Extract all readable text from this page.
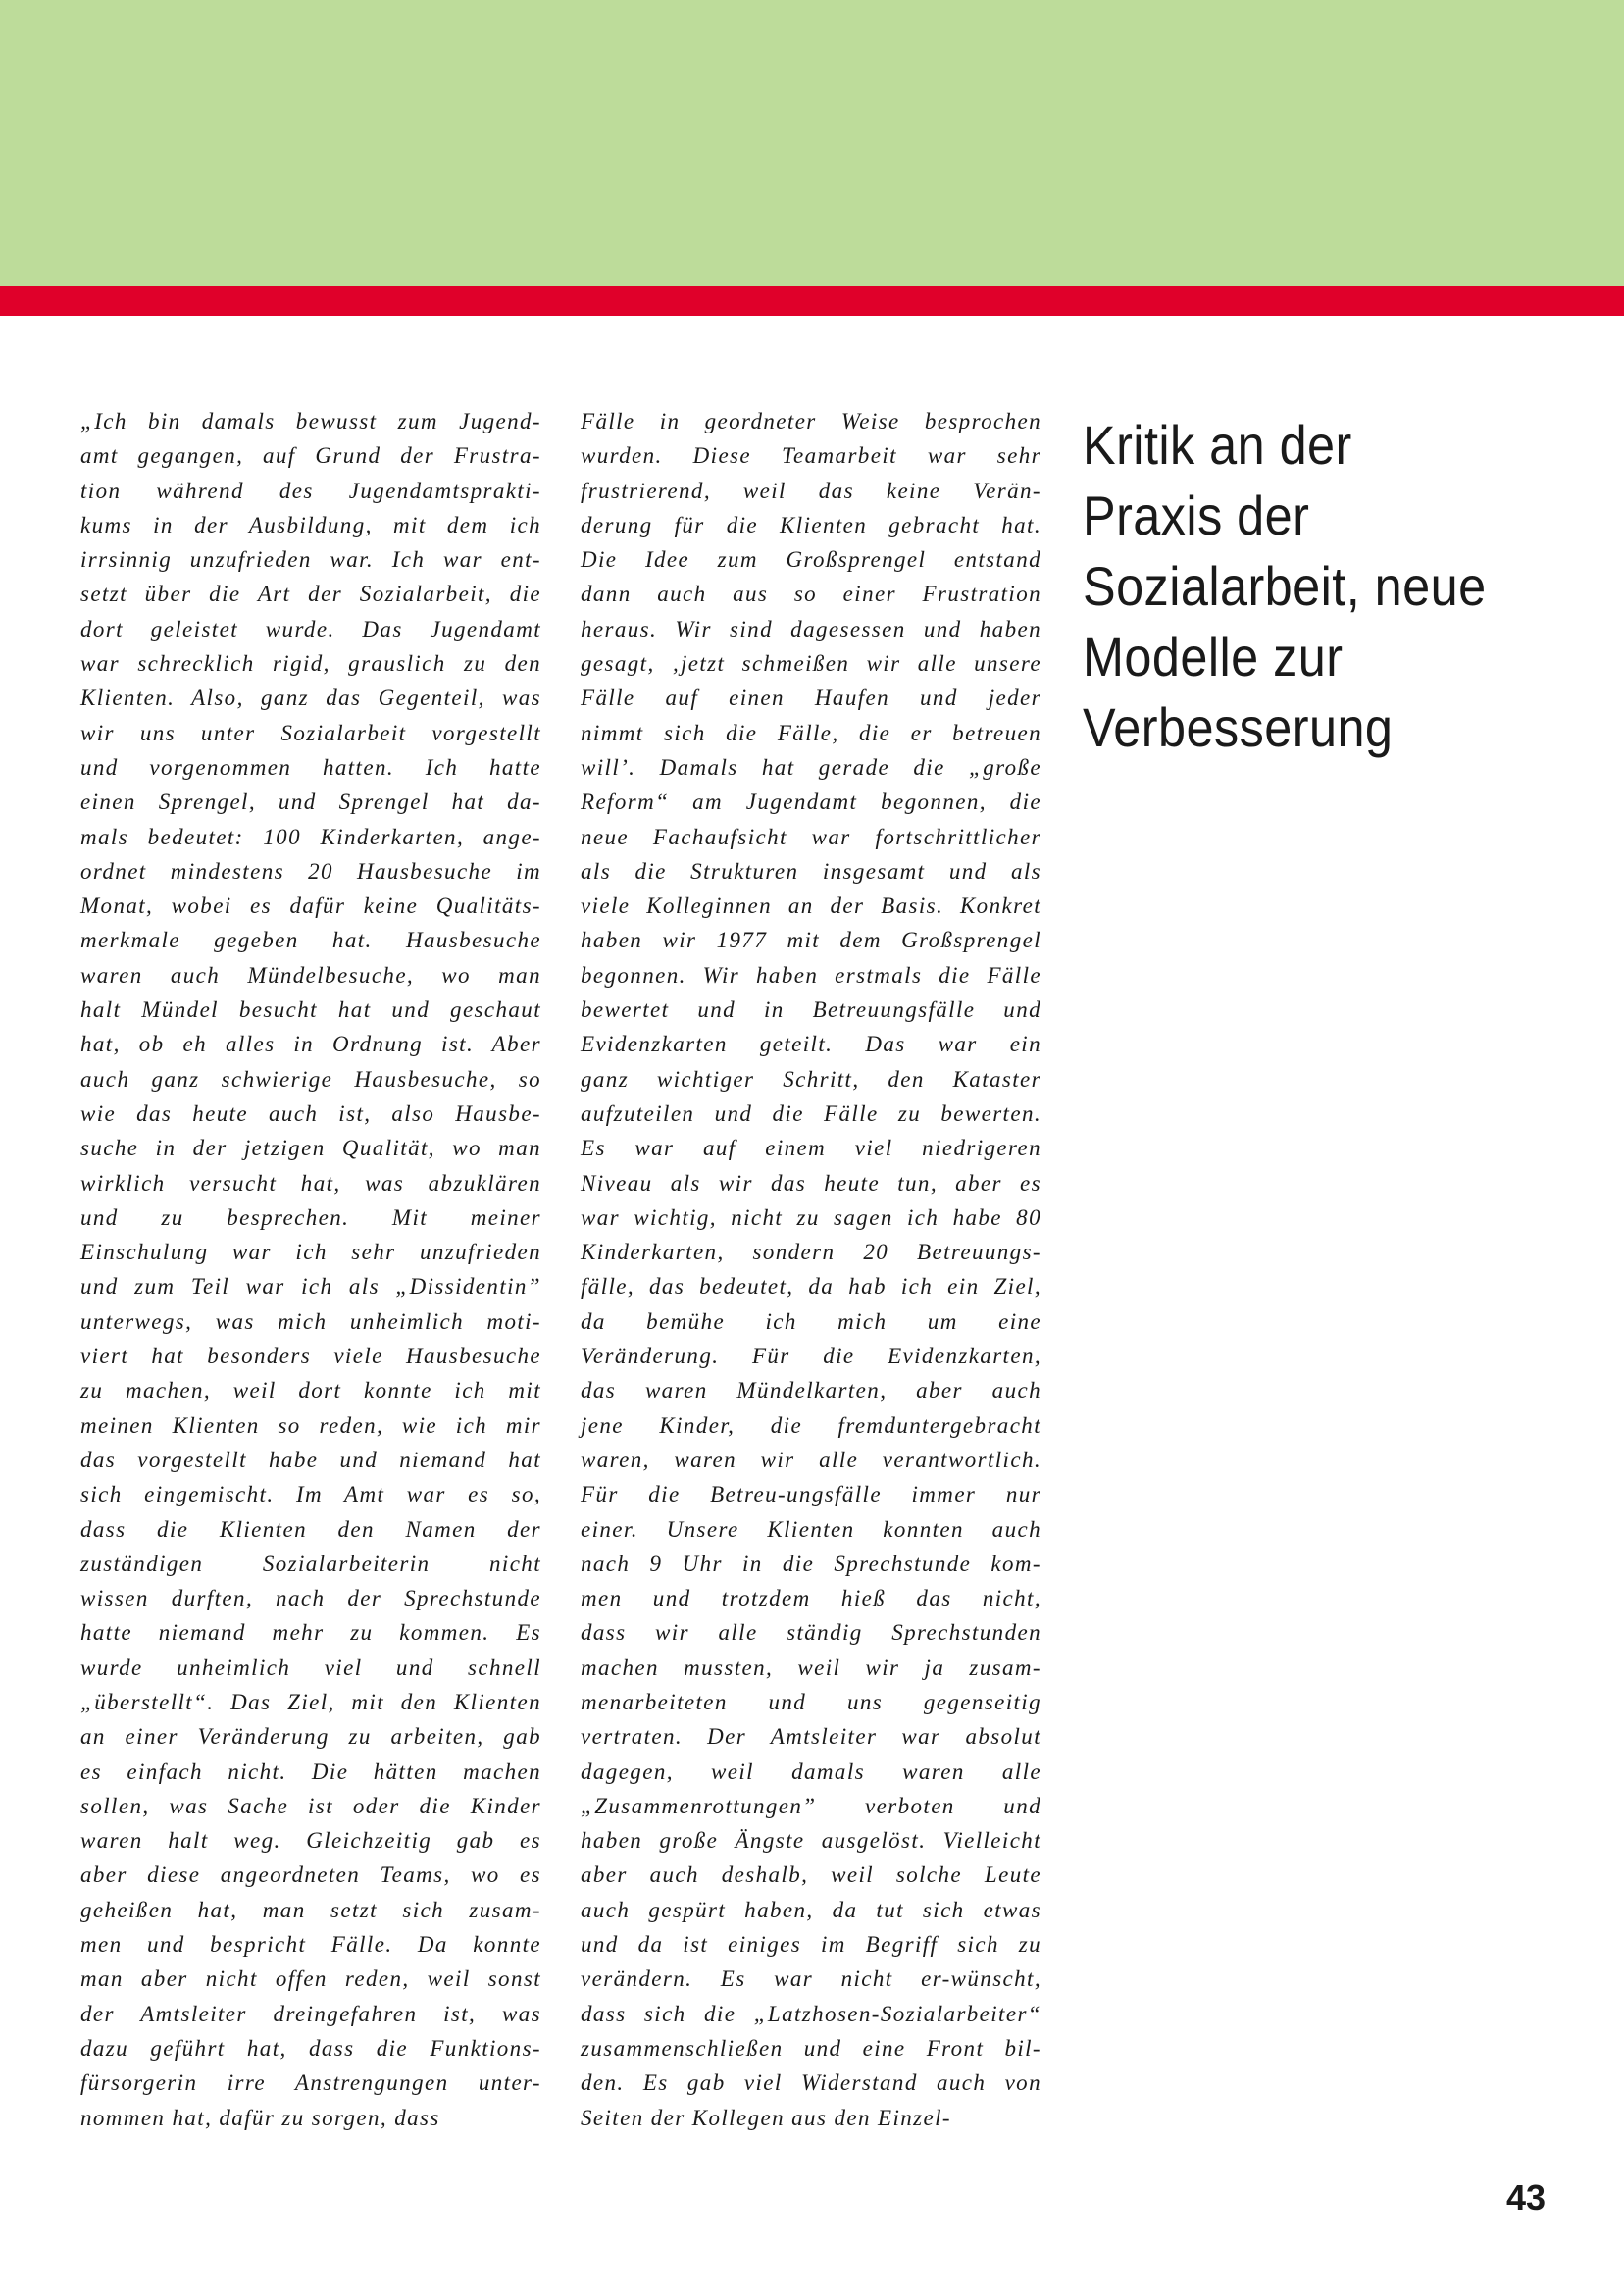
„Ich bin damals bewusst zum Jugend-
amt gegangen, auf Grund der Frustra-
tion während des Jugendamtsprakti-
kums in der Ausbildung, mit dem ich
irrsinnig unzufrieden war. Ich war ent-
setzt über die Art der Sozialarbeit, die
dort geleistet wurde. Das Jugendamt
war schrecklich rigid, grauslich zu den
Klienten. Also, ganz das Gegenteil, was
wir uns unter Sozialarbeit vorgestellt
und vorgenommen hatten. Ich hatte
einen Sprengel, und Sprengel hat da-
mals bedeutet: 100 Kinderkarten, ange-
ordnet mindestens 20 Hausbesuche im
Monat, wobei es dafür keine Qualitäts-
merkmale gegeben hat. Hausbesuche
waren auch Mündelbesuche, wo man
halt Mündel besucht hat und geschaut
hat, ob eh alles in Ordnung ist. Aber
auch ganz schwierige Hausbesuche, so
wie das heute auch ist, also Hausbe-
suche in der jetzigen Qualität, wo man
wirklich versucht hat, was abzuklären
und zu besprechen. Mit meiner
Einschulung war ich sehr unzufrieden
und zum Teil war ich als „Dissidentin”
unterwegs, was mich unheimlich moti-
viert hat besonders viele Hausbesuche
zu machen, weil dort konnte ich mit
meinen Klienten so reden, wie ich mir
das vorgestellt habe und niemand hat
sich eingemischt. Im Amt war es so,
dass die Klienten den Namen der
zuständigen Sozialarbeiterin nicht
wissen durften, nach der Sprechstunde
hatte niemand mehr zu kommen. Es
wurde unheimlich viel und schnell
„überstellt“. Das Ziel, mit den Klienten
an einer Veränderung zu arbeiten, gab
es einfach nicht. Die hätten machen
sollen, was Sache ist oder die Kinder
waren halt weg. Gleichzeitig gab es
aber diese angeordneten Teams, wo es
geheißen hat, man setzt sich zusam-
men und bespricht Fälle. Da konnte
man aber nicht offen reden, weil sonst
der Amtsleiter dreingefahren ist, was
dazu geführt hat, dass die Funktions-
fürsorgerin irre Anstrengungen unter-
nommen hat, dafür zu sorgen, dass
Fälle in geordneter Weise besprochen
wurden. Diese Teamarbeit war sehr
frustrierend, weil das keine Verän-
derung für die Klienten gebracht hat.
Die Idee zum Großsprengel entstand
dann auch aus so einer Frustration
heraus. Wir sind dagesessen und haben
gesagt, ‚jetzt schmeißen wir alle unsere
Fälle auf einen Haufen und jeder
nimmt sich die Fälle, die er betreuen
will’. Damals hat gerade die „große
Reform“ am Jugendamt begonnen, die
neue Fachaufsicht war fortschrittlicher
als die Strukturen insgesamt und als
viele Kolleginnen an der Basis. Konkret
haben wir 1977 mit dem Großsprengel
begonnen. Wir haben erstmals die Fälle
bewertet und in Betreuungsfälle und
Evidenzkarten geteilt. Das war ein
ganz wichtiger Schritt, den Kataster
aufzuteilen und die Fälle zu bewerten.
Es war auf einem viel niedrigeren
Niveau als wir das heute tun, aber es
war wichtig, nicht zu sagen ich habe 80
Kinderkarten, sondern 20 Betreuungs-
fälle, das bedeutet, da hab ich ein Ziel,
da bemühe ich mich um eine
Veränderung. Für die Evidenzkarten,
das waren Mündelkarten, aber auch
jene Kinder, die fremduntergebracht
waren, waren wir alle verantwortlich.
Für die Betreu-ungsfälle immer nur
einer. Unsere Klienten konnten auch
nach 9 Uhr in die Sprechstunde kom-
men und trotzdem hieß das nicht,
dass wir alle ständig Sprechstunden
machen mussten, weil wir ja zusam-
menarbeiteten und uns gegenseitig
vertraten. Der Amtsleiter war absolut
dagegen, weil damals waren alle
„Zusammenrottungen” verboten und
haben große Ängste ausgelöst. Vielleicht
aber auch deshalb, weil solche Leute
auch gespürt haben, da tut sich etwas
und da ist einiges im Begriff sich zu
verändern. Es war nicht er-wünscht,
dass sich die „Latzhosen-Sozialarbeiter“
zusammenschließen und eine Front bil-
den. Es gab viel Widerstand auch von
Seiten der Kollegen aus den Einzel-
Kritik an der
Praxis der
Sozialarbeit, neue
Modelle zur
Verbesserung
43
